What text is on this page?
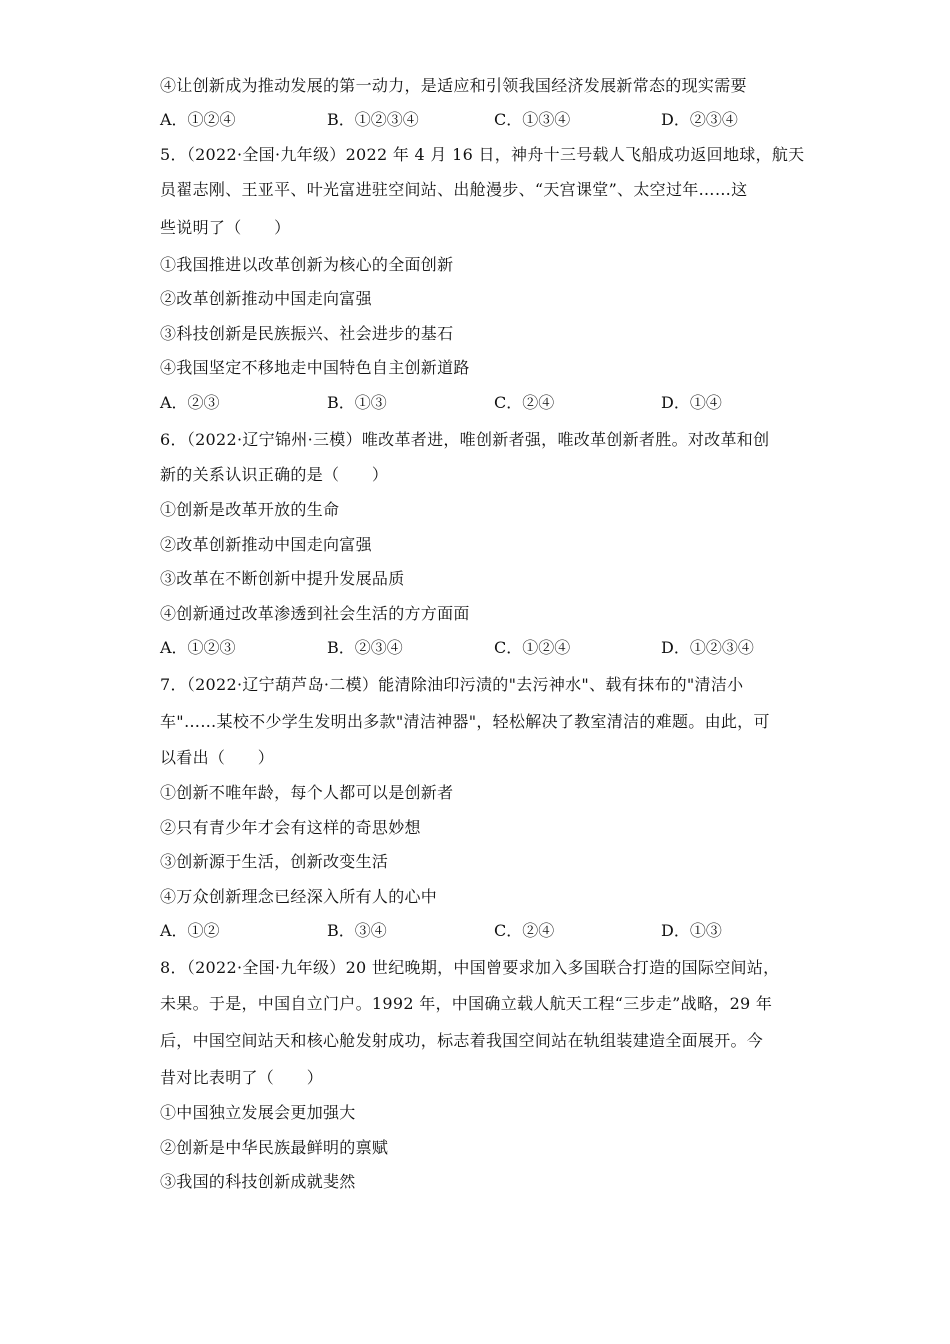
④让创新成为推动发展的第一动力，是适应和引领我国经济发展新常态的现实需要
A．①②④	B．①②③④	C．①③④	D．②③④
5．（2022·全国·九年级）2022 年 4 月 16 日，神舟十三号载人飞船成功返回地球，航天
员翟志刚、王亚平、叶光富进驻空间站、出舱漫步、“天宫课堂”、太空过年……这
些说明了（　　）
①我国推进以改革创新为核心的全面创新
②改革创新推动中国走向富强
③科技创新是民族振兴、社会进步的基石
④我国坚定不移地走中国特色自主创新道路
A．②③	B．①③	C．②④	D．①④
6．（2022·辽宁锦州·三模）唯改革者进，唯创新者强，唯改革创新者胜。对改革和创
新的关系认识正确的是（　　）
①创新是改革开放的生命
②改革创新推动中国走向富强
③改革在不断创新中提升发展品质
④创新通过改革渗透到社会生活的方方面面
A．①②③	B．②③④	C．①②④	D．①②③④
7．（2022·辽宁葫芦岛·二模）能清除油印污渍的"去污神水"、载有抹布的"清洁小
车"……某校不少学生发明出多款"清洁神器"，轻松解决了教室清洁的难题。由此，可
以看出（　　）
①创新不唯年龄，每个人都可以是创新者
②只有青少年才会有这样的奇思妙想
③创新源于生活，创新改变生活
④万众创新理念已经深入所有人的心中
A．①②	B．③④	C．②④	D．①③
8．（2022·全国·九年级）20 世纪晚期，中国曾要求加入多国联合打造的国际空间站，
未果。于是，中国自立门户。1992 年，中国确立载人航天工程“三步走”战略，29 年
后，中国空间站天和核心舱发射成功，标志着我国空间站在轨组装建造全面展开。今
昔对比表明了（　　）
①中国独立发展会更加强大
②创新是中华民族最鲜明的禀赋
③我国的科技创新成就斐然
